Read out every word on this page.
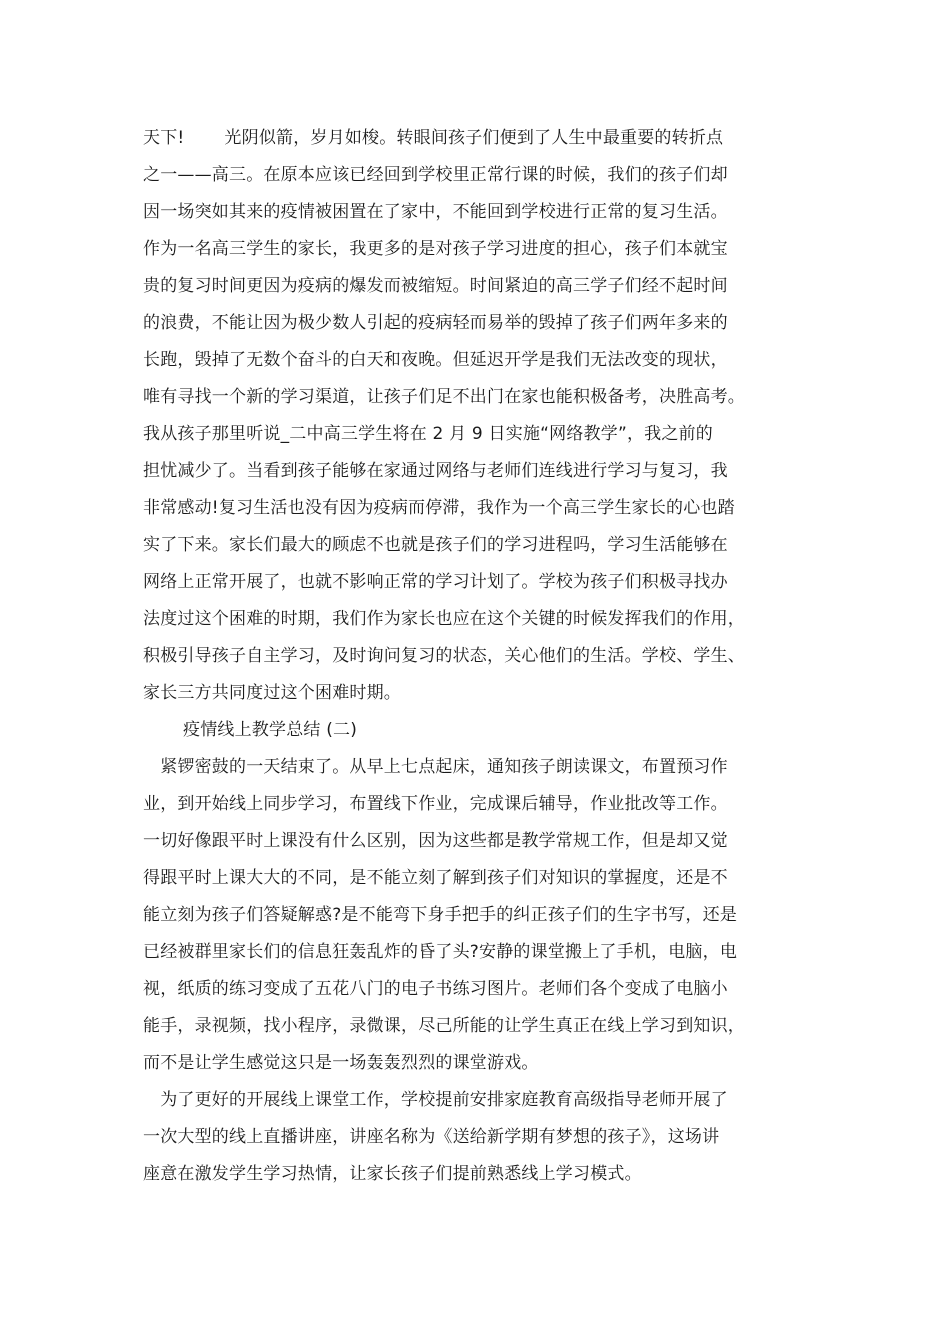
天下!　　 光阴似箭，岁月如梭。转眼间孩子们便到了人生中最重要的转折点
之一——高三。在原本应该已经回到学校里正常行课的时候，我们的孩子们却
因一场突如其来的疫情被困置在了家中，不能回到学校进行正常的复习生活。
作为一名高三学生的家长，我更多的是对孩子学习进度的担心，孩子们本就宝
贵的复习时间更因为疫病的爆发而被缩短。时间紧迫的高三学子们经不起时间
的浪费，不能让因为极少数人引起的疫病轻而易举的毁掉了孩子们两年多来的
长跑，毁掉了无数个奋斗的白天和夜晚。但延迟开学是我们无法改变的现状，
唯有寻找一个新的学习渠道，让孩子们足不出门在家也能积极备考，决胜高考。
我从孩子那里听说_二中高三学生将在 2 月 9 日实施“网络教学”，我之前的
担忧减少了。当看到孩子能够在家通过网络与老师们连线进行学习与复习，我
非常感动!复习生活也没有因为疫病而停滞，我作为一个高三学生家长的心也踏
实了下来。家长们最大的顾虑不也就是孩子们的学习进程吗，学习生活能够在
网络上正常开展了，也就不影响正常的学习计划了。学校为孩子们积极寻找办
法度过这个困难的时期，我们作为家长也应在这个关键的时候发挥我们的作用，
积极引导孩子自主学习，及时询问复习的状态，关心他们的生活。学校、学生、
家长三方共同度过这个困难时期。
　　 疫情线上教学总结 (二)
　紧锣密鼓的一天结束了。从早上七点起床，通知孩子朗读课文，布置预习作
业，到开始线上同步学习，布置线下作业，完成课后辅导，作业批改等工作。
一切好像跟平时上课没有什么区别，因为这些都是教学常规工作，但是却又觉
得跟平时上课大大的不同，是不能立刻了解到孩子们对知识的掌握度，还是不
能立刻为孩子们答疑解惑?是不能弯下身手把手的纠正孩子们的生字书写，还是
已经被群里家长们的信息狂轰乱炸的昏了头?安静的课堂搬上了手机，电脑，电
视，纸质的练习变成了五花八门的电子书练习图片。老师们各个变成了电脑小
能手，录视频，找小程序，录微课，尽己所能的让学生真正在线上学习到知识，
而不是让学生感觉这只是一场轰轰烈烈的课堂游戏。
　为了更好的开展线上课堂工作，学校提前安排家庭教育高级指导老师开展了
一次大型的线上直播讲座，讲座名称为《送给新学期有梦想的孩子》，这场讲
座意在激发学生学习热情，让家长孩子们提前熟悉线上学习模式。
